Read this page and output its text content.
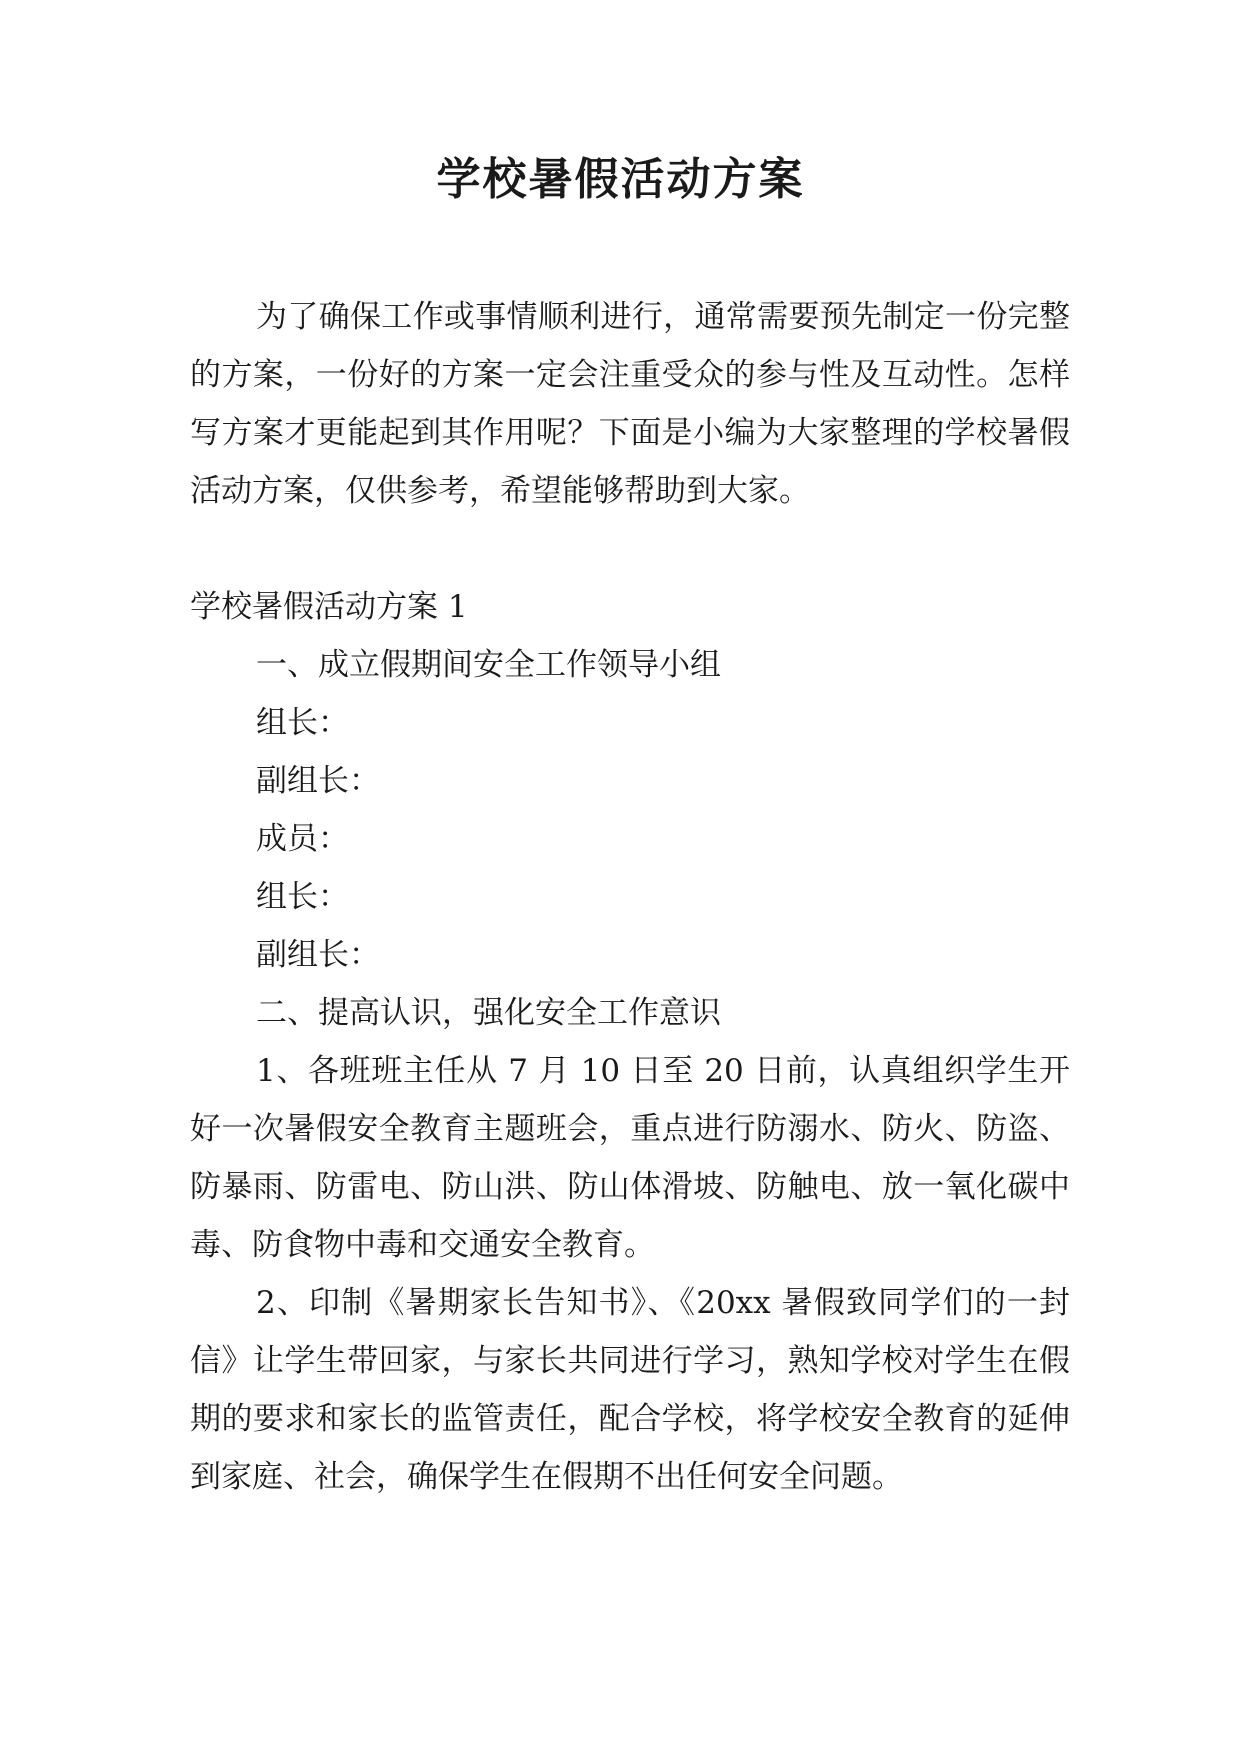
学校暑假活动方案

为了确保工作或事情顺利进行，通常需要预先制定一份完整的方案，一份好的方案一定会注重受众的参与性及互动性。怎样写方案才更能起到其作用呢？下面是小编为大家整理的学校暑假活动方案，仅供参考，希望能够帮助到大家。

学校暑假活动方案 1

一、成立假期间安全工作领导小组

组长：

副组长：

成员：

组长：

副组长：

二、提高认识，强化安全工作意识

1、各班班主任从 7 月 10 日至 20 日前，认真组织学生开好一次暑假安全教育主题班会，重点进行防溺水、防火、防盗、防暴雨、防雷电、防山洪、防山体滑坡、防触电、放一氧化碳中毒、防食物中毒和交通安全教育。

2、印制《暑期家长告知书》、《20xx 暑假致同学们的一封信》让学生带回家，与家长共同进行学习，熟知学校对学生在假期的要求和家长的监管责任，配合学校，将学校安全教育的延伸到家庭、社会，确保学生在假期不出任何安全问题。
